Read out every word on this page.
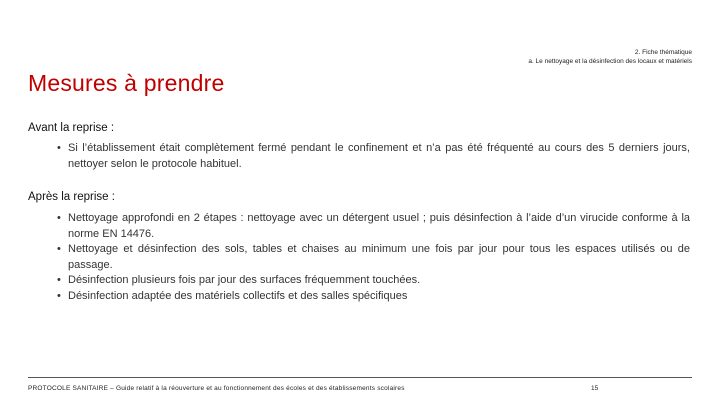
2. Fiche thématique
a. Le nettoyage et la désinfection des locaux et matériels
Mesures à prendre
Avant la reprise :
• Si l’établissement était complètement fermé pendant le confinement et n’a pas été fréquenté au cours des 5 derniers jours, nettoyer selon le protocole habituel.
Après la reprise :
• Nettoyage approfondi en 2 étapes : nettoyage avec un détergent usuel ; puis désinfection à l’aide d’un virucide conforme à la norme EN 14476.
• Nettoyage et désinfection des sols, tables et chaises au minimum une fois par jour pour tous les espaces utilisés ou de passage.
• Désinfection plusieurs fois par jour des surfaces fréquemment touchées.
• Désinfection adaptée des matériels collectifs et des salles spécifiques
PROTOCOLE SANITAIRE – Guide relatif à la réouverture et au fonctionnement des écoles et des établissements scolaires	15
